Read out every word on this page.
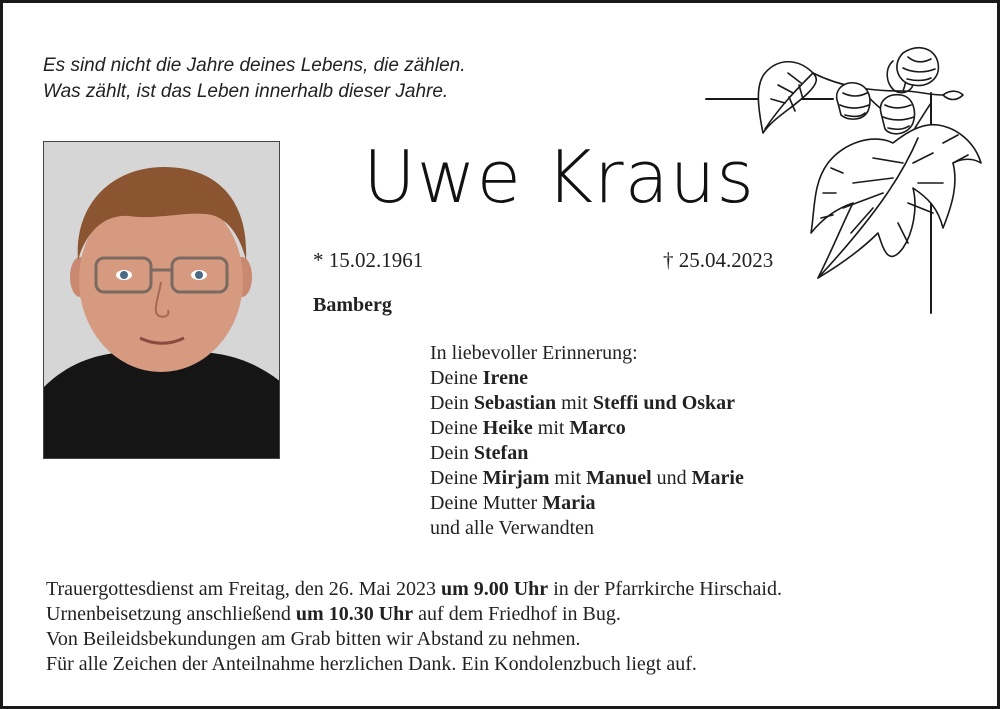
Es sind nicht die Jahre deines Lebens, die zählen.
Was zählt, ist das Leben innerhalb dieser Jahre.
Uwe Kraus
* 15.02.1961	† 25.04.2023
Bamberg
In liebevoller Erinnerung:
Deine Irene
Dein Sebastian mit Steffi und Oskar
Deine Heike mit Marco
Dein Stefan
Deine Mirjam mit Manuel und Marie
Deine Mutter Maria
und alle Verwandten
Trauergottesdienst am Freitag, den 26. Mai 2023 um 9.00 Uhr in der Pfarrkirche Hirschaid.
Urnenbeisetzung anschließend um 10.30 Uhr auf dem Friedhof in Bug.
Von Beileidsbekundungen am Grab bitten wir Abstand zu nehmen.
Für alle Zeichen der Anteilnahme herzlichen Dank. Ein Kondolenzbuch liegt auf.
